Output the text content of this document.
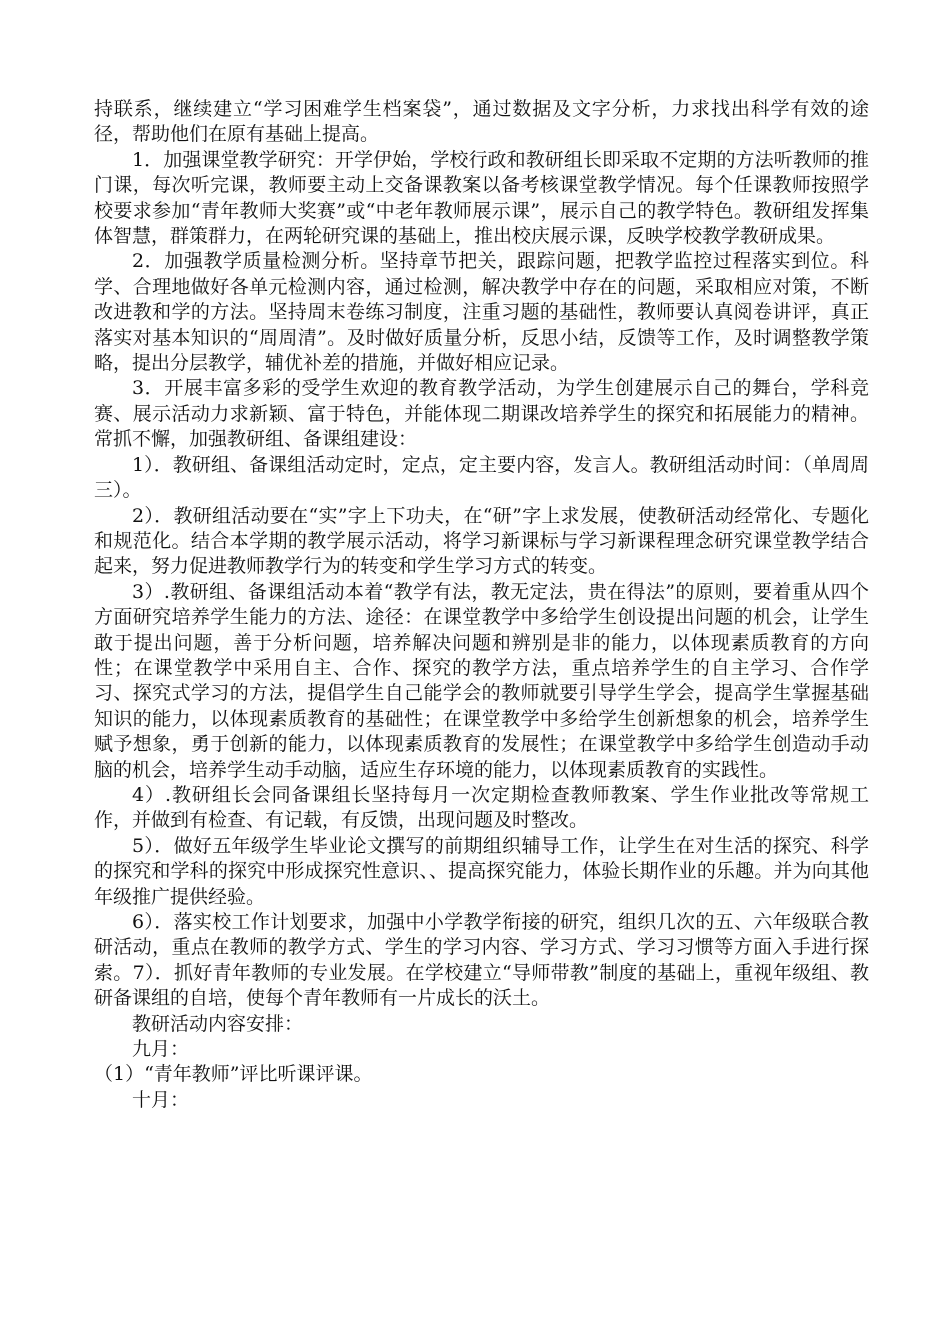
持联系，继续建立“学习困难学生档案袋”，通过数据及文字分析，力求找出科学有效的途径，帮助他们在原有基础上提高。

1．加强课堂教学研究：开学伊始，学校行政和教研组长即采取不定期的方法听教师的推门课，每次听完课，教师要主动上交备课教案以备考核课堂教学情况。每个任课教师按照学校要求参加“青年教师大奖赛”或“中老年教师展示课”，展示自己的教学特色。教研组发挥集体智慧，群策群力，在两轮研究课的基础上，推出校庆展示课，反映学校教学教研成果。

2．加强教学质量检测分析。坚持章节把关，跟踪问题，把教学监控过程落实到位。科学、合理地做好各单元检测内容，通过检测，解决教学中存在的问题，采取相应对策，不断改进教和学的方法。坚持周末卷练习制度，注重习题的基础性，教师要认真阅卷讲评，真正落实对基本知识的“周周清”。及时做好质量分析，反思小结，反馈等工作，及时调整教学策略，提出分层教学，辅优补差的措施，并做好相应记录。

3．开展丰富多彩的受学生欢迎的教育教学活动，为学生创建展示自己的舞台，学科竞赛、展示活动力求新颖、富于特色，并能体现二期课改培养学生的探究和拓展能力的精神。常抓不懈，加强教研组、备课组建设：

1）．教研组、备课组活动定时，定点，定主要内容，发言人。教研组活动时间：（单周周三）。

2）．教研组活动要在“实”字上下功夫，在“研”字上求发展，使教研活动经常化、专题化和规范化。结合本学期的教学展示活动，将学习新课标与学习新课程理念研究课堂教学结合起来，努力促进教师教学行为的转变和学生学习方式的转变。

3）.教研组、备课组活动本着“教学有法，教无定法，贵在得法”的原则，要着重从四个方面研究培养学生能力的方法、途径：在课堂教学中多给学生创设提出问题的机会，让学生敢于提出问题，善于分析问题，培养解决问题和辨别是非的能力，以体现素质教育的方向性；在课堂教学中采用自主、合作、探究的教学方法，重点培养学生的自主学习、合作学习、探究式学习的方法，提倡学生自己能学会的教师就要引导学生学会，提高学生掌握基础知识的能力，以体现素质教育的基础性；在课堂教学中多给学生创新想象的机会，培养学生赋予想象，勇于创新的能力，以体现素质教育的发展性；在课堂教学中多给学生创造动手动脑的机会，培养学生动手动脑，适应生存环境的能力，以体现素质教育的实践性。

4）.教研组长会同备课组长坚持每月一次定期检查教师教案、学生作业批改等常规工作，并做到有检查、有记载，有反馈，出现问题及时整改。

5）．做好五年级学生毕业论文撰写的前期组织辅导工作，让学生在对生活的探究、科学的探究和学科的探究中形成探究性意识、、提高探究能力，体验长期作业的乐趣。并为向其他年级推广提供经验。

6）．落实校工作计划要求，加强中小学教学衔接的研究，组织几次的五、六年级联合教研活动，重点在教师的教学方式、学生的学习内容、学习方式、学习习惯等方面入手进行探索。7）．抓好青年教师的专业发展。在学校建立“导师带教”制度的基础上，重视年级组、教研备课组的自培，使每个青年教师有一片成长的沃土。

教研活动内容安排：

九月：

（1）“青年教师”评比听课评课。

十月：
